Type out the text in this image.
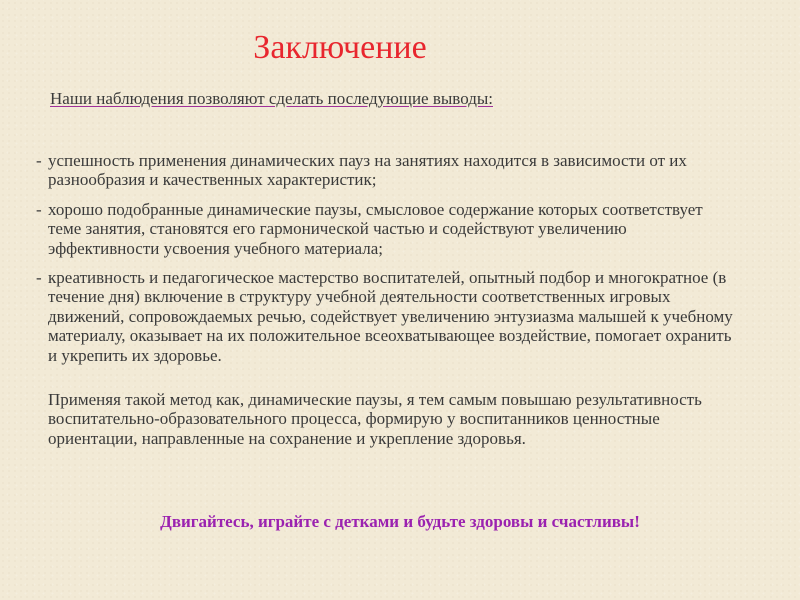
Заключение

Наши наблюдения позволяют сделать последующие выводы:

- успешность применения динамических пауз на занятиях находится в зависимости от их разнообразия и качественных характеристик;
- хорошо подобранные динамические паузы, смысловое содержание которых соответствует теме занятия, становятся его гармонической частью и содействуют увеличению эффективности усвоения учебного материала;
- креативность и педагогическое мастерство воспитателей, опытный подбор и многократное (в течение дня) включение в структуру учебной деятельности соответственных игровых движений, сопровождаемых речью, содействует увеличению энтузиазма малышей к учебному материалу, оказывает на их положительное всеохватывающее воздействие, помогает охранить и укрепить их здоровье.

Применяя такой метод как, динамические паузы, я тем самым повышаю результативность воспитательно-образовательного процесса, формирую у воспитанников ценностные ориентации, направленные на сохранение и укрепление здоровья.

Двигайтесь, играйте с детками и будьте здоровы и счастливы!
